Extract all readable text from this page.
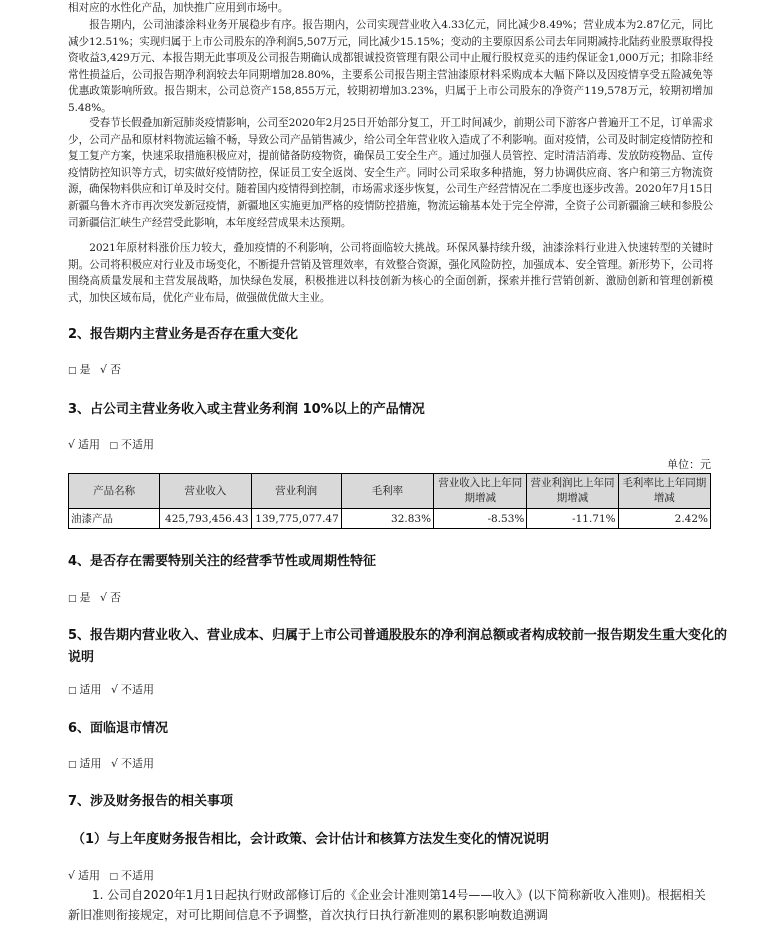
相对应的水性化产品，加快推广应用到市场中。
报告期内，公司油漆涂料业务开展稳步有序。报告期内，公司实现营业收入4.33亿元，同比减少8.49%；营业成本为2.87亿元，同比减少12.51%；实现归属于上市公司股东的净利润5,507万元，同比减少15.15%；变动的主要原因系公司去年同期减持北陆药业股票取得投资收益3,429万元、本报告期无此事项及公司报告期确认成都银诚投资管理有限公司中止履行股权竞买的违约保证金1,000万元；扣除非经常性损益后，公司报告期净利润较去年同期增加28.80%，主要系公司报告期主营油漆原材料采购成本大幅下降以及因疫情享受五险减免等优惠政策影响所致。报告期末，公司总资产158,855万元，较期初增加3.23%，归属于上市公司股东的净资产119,578万元，较期初增加5.48%。
受春节长假叠加新冠肺炎疫情影响，公司至2020年2月25日开始部分复工，开工时间减少，前期公司下游客户普遍开工不足，订单需求少，公司产品和原材料物流运输不畅，导致公司产品销售减少，给公司全年营业收入造成了不利影响。面对疫情，公司及时制定疫情防控和复工复产方案，快速采取措施积极应对，提前储备防疫物资，确保员工安全生产。通过加强人员管控、定时清洁消毒、发放防疫物品、宣传疫情防控知识等方式，切实做好疫情防控，保证员工安全返岗、安全生产。同时公司采取多种措施，努力协调供应商、客户和第三方物流资源，确保物料供应和订单及时交付。随着国内疫情得到控制，市场需求逐步恢复，公司生产经营情况在二季度也逐步改善。2020年7月15日新疆乌鲁木齐市再次突发新冠疫情，新疆地区实施更加严格的疫情防控措施，物流运输基本处于完全停滞，全资子公司新疆渝三峡和参股公司新疆信汇峡生产经营受此影响，本年度经营成果未达预期。
2021年原材料涨价压力较大，叠加疫情的不利影响，公司将面临较大挑战。环保风暴持续升级，油漆涂料行业进入快速转型的关键时期。公司将积极应对行业及市场变化，不断提升营销及管理效率，有效整合资源，强化风险防控，加强成本、安全管理。新形势下，公司将围绕高质量发展和主营发展战略，加快绿色发展，积极推进以科技创新为核心的全面创新，探索并推行营销创新、激励创新和管理创新模式，加快区域布局，优化产业布局，做强做优做大主业。
2、报告期内主营业务是否存在重大变化
□ 是 √ 否
3、占公司主营业务收入或主营业务利润 10%以上的产品情况
√ 适用 □ 不适用
单位：元
产品名称	营业收入	营业利润	毛利率	营业收入比上年同期增减	营业利润比上年同期增减	毛利率比上年同期增减
油漆产品	425,793,456.43	139,775,077.47	32.83%	-8.53%	-11.71%	2.42%
4、是否存在需要特别关注的经营季节性或周期性特征
□ 是 √ 否
5、报告期内营业收入、营业成本、归属于上市公司普通股股东的净利润总额或者构成较前一报告期发生重大变化的说明
□ 适用 √ 不适用
6、面临退市情况
□ 适用 √ 不适用
7、涉及财务报告的相关事项
（1）与上年度财务报告相比，会计政策、会计估计和核算方法发生变化的情况说明
√ 适用 □ 不适用
1. 公司自2020年1月1日起执行财政部修订后的《企业会计准则第14号——收入》(以下简称新收入准则)。根据相关新旧准则衔接规定，对可比期间信息不予调整，首次执行日执行新准则的累积影响数追溯调
